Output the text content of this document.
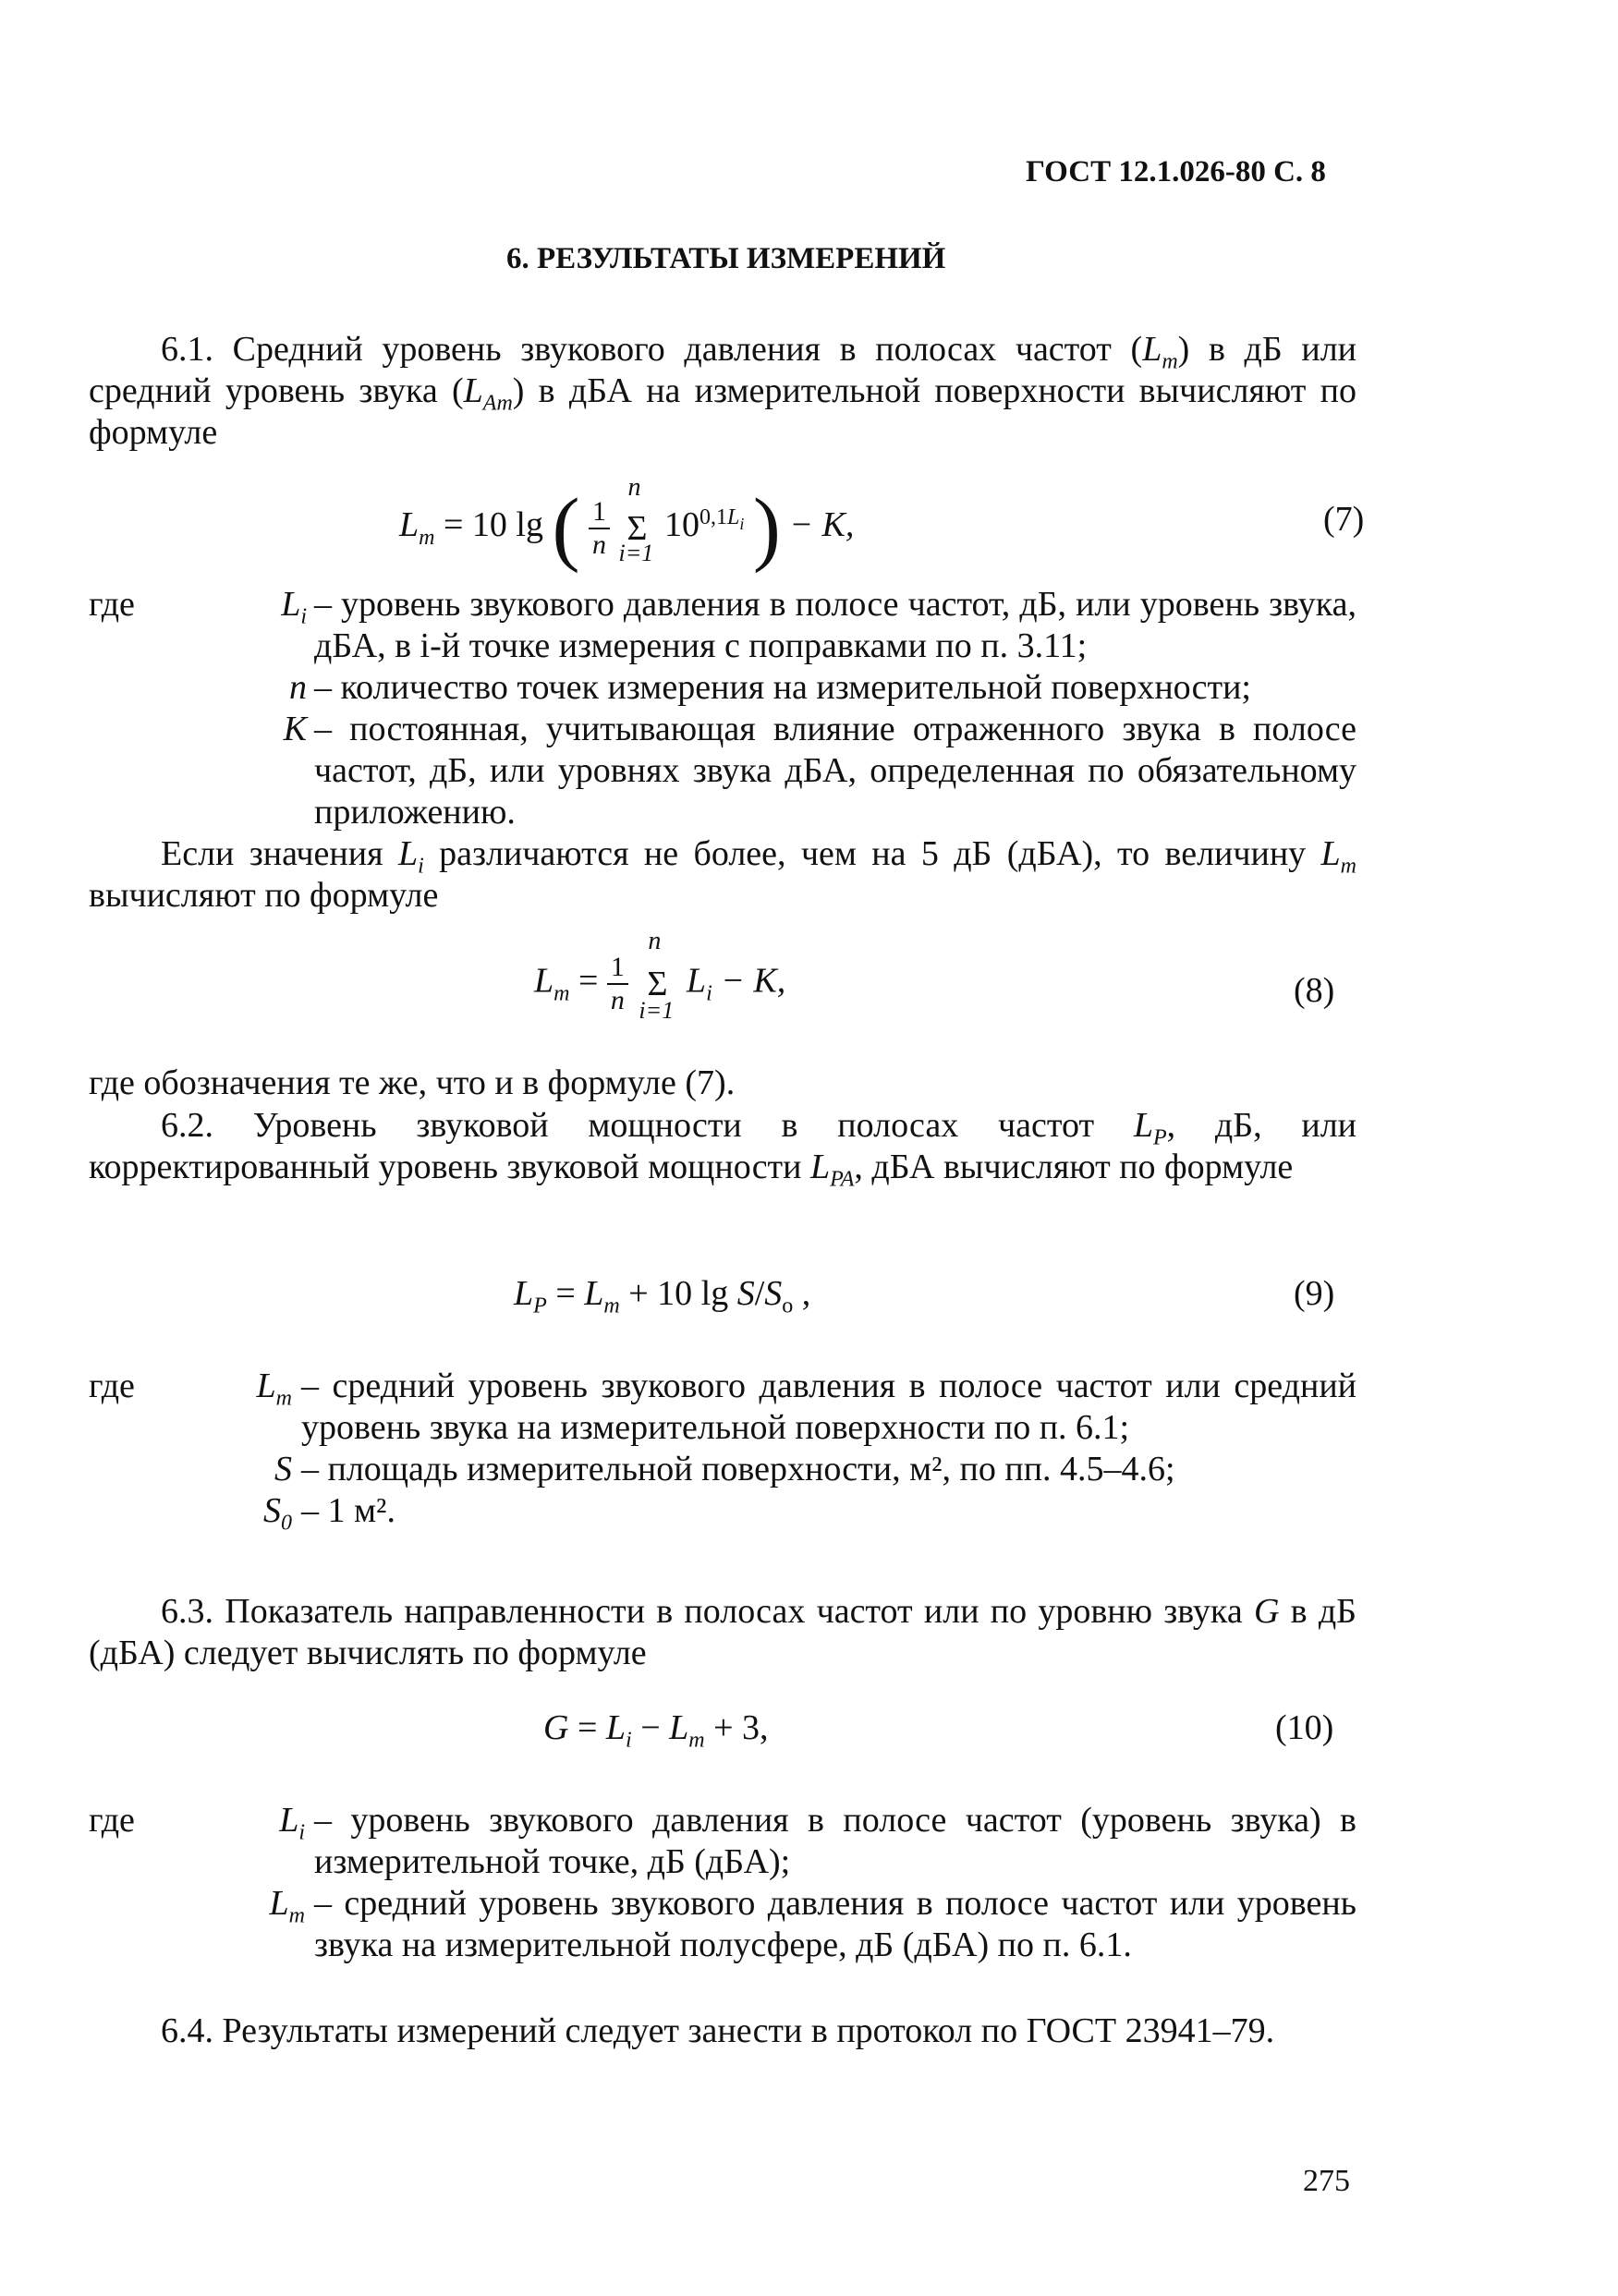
ГОСТ 12.1.026-80 С. 8
6. РЕЗУЛЬТАТЫ ИЗМЕРЕНИЙ
6.1. Средний уровень звукового давления в полосах частот $(L_m)$ в дБ или средний уровень звука $(L_{Am})$ в дБА на измерительной поверхности вычисляют по формуле
$L_m = 10$ lg ( $\frac{1}{n}$

n
Σ
i=1
$10^{0,1L_i}$ ) − K,	(7)
где	$L_i$ – уровень звукового давления в полосе частот, дБ, или уровень звука, дБА, в i-й точке измерения с поправками по п. 3.11;
n – количество точек измерения на измерительной поверхности;
K – постоянная, учитывающая влияние отраженного звука в полосе частот, дБ, или уровнях звука дБА, определенная по обязательному приложению.
Если значения $L_i$ различаются не более, чем на 5 дБ (дБА), то величину $L_m$ вычисляют по формуле
$L_m = \frac{1}{n}$

n
Σ
i=1
$L_i - K$,	(8)
где обозначения те же, что и в формуле (7).
6.2. Уровень звуковой мощности в полосах частот $L_P$, дБ, или корректированный уровень звуковой мощности $L_{PA}$, дБА вычисляют по формуле
$L_P = L_m + 10$ $\lg S/S_o$ ,	(9)
где	$L_m$ – средний уровень звукового давления в полосе частот или средний уровень звука на измерительной поверхности по п. 6.1;
S – площадь измерительной поверхности, м², по пп. 4.5–4.6;
$S_0 - 1$ м².
6.3. Показатель направленности в полосах частот или по уровню звука G в дБ (дБА) следует вычислять по формуле
$G = L_i - L_m + 3$,	(10)
где	$L_i$ – уровень звукового давления в полосе частот (уровень звука) в измерительной точке, дБ (дБА);
$L_m$ – средний уровень звукового давления в полосе частот или уровень звука на измерительной полусфере, дБ (дБА) по п. 6.1.
6.4. Результаты измерений следует занести в протокол по ГОСТ 23941–79.
275
